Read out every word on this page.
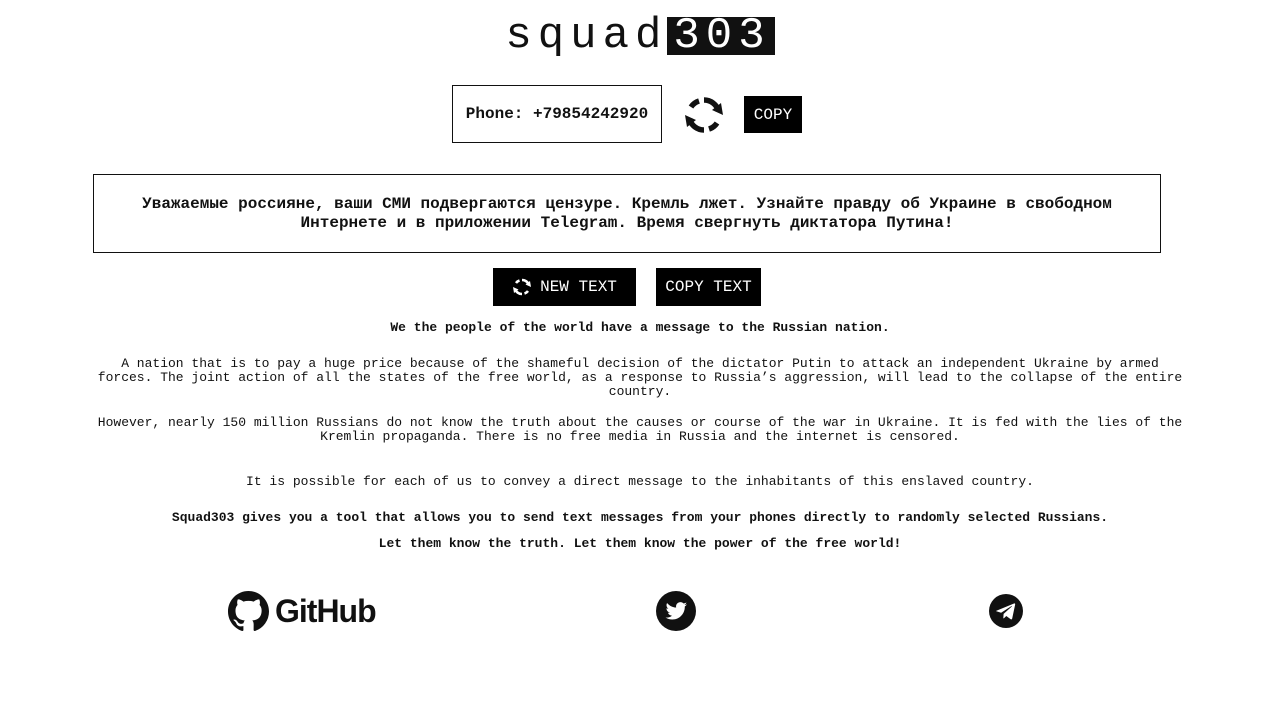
squad 303
Phone: +79854242920	COPY
Уважаемые россияне, ваши СМИ подвергаются цензуре. Кремль лжет. Узнайте правду об Украине в свободном Интернете и в приложении Telegram. Время свергнуть диктатора Путина!
NEW TEXT	COPY TEXT

We the people of the world have a message to the Russian nation.

A nation that is to pay a huge price because of the shameful decision of the dictator Putin to attack an independent Ukraine by armed forces. The joint action of all the states of the free world, as a response to Russia’s aggression, will lead to the collapse of the entire country.

However, nearly 150 million Russians do not know the truth about the causes or course of the war in Ukraine. It is fed with the lies of the Kremlin propaganda. There is no free media in Russia and the internet is censored.

It is possible for each of us to convey a direct message to the inhabitants of this enslaved country.

Squad303 gives you a tool that allows you to send text messages from your phones directly to randomly selected Russians.

Let them know the truth. Let them know the power of the free world!

GitHub
